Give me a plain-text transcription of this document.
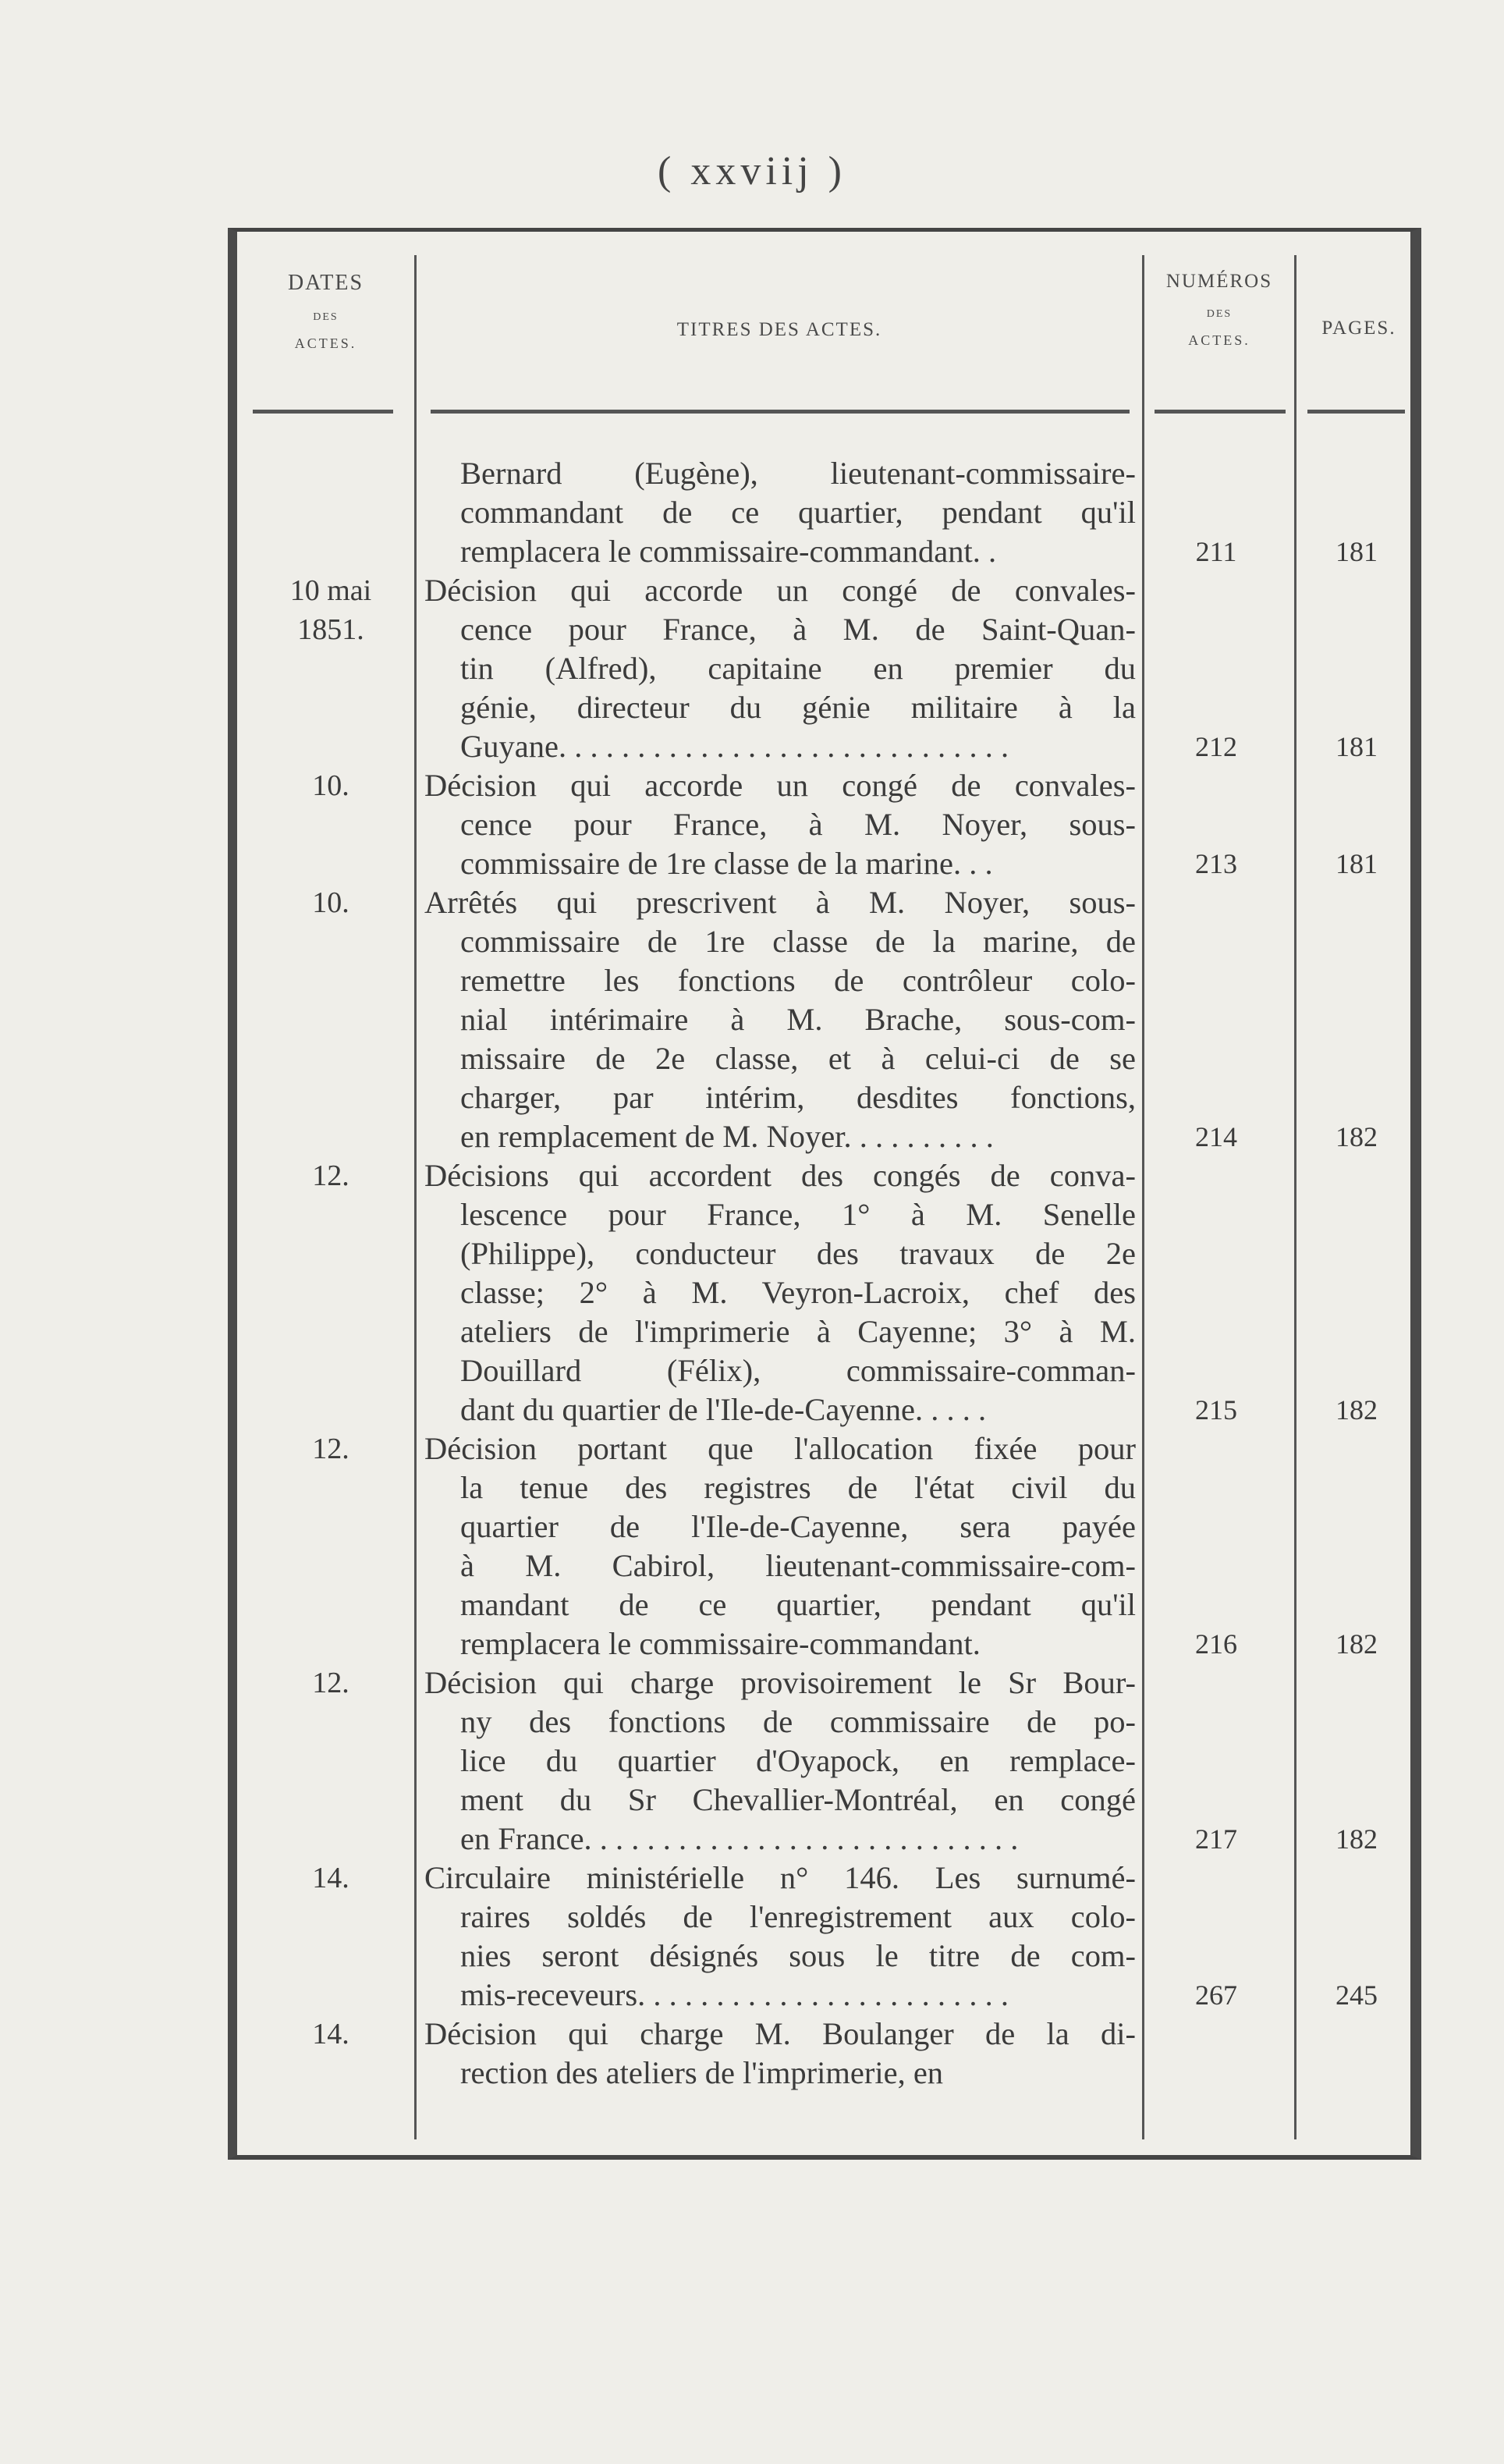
( xxviij )
DATES
des
ACTES.
TITRES DES ACTES.
NUMÉROS
des
ACTES.
PAGES.
10 mai
1851.
10.
10.
12.
12.
12.
14.
14.
Bernard (Eugène), lieutenant-commissaire-
commandant de ce quartier, pendant qu'il
remplacera le commissaire-commandant. .
Décision qui accorde un congé de convales-
cence pour France, à M. de Saint-Quan-
tin (Alfred), capitaine en premier du
génie, directeur du génie militaire à la
Guyane. . . . . . . . . . . . . . . . . . . . . . . . . . . . .
Décision qui accorde un congé de convales-
cence pour France, à M. Noyer, sous-
commissaire de 1re classe de la marine. . .
Arrêtés qui prescrivent à M. Noyer, sous-
commissaire de 1re classe de la marine, de
remettre les fonctions de contrôleur colo-
nial intérimaire à M. Brache, sous-com-
missaire de 2e classe, et à celui-ci de se
charger, par intérim, desdites fonctions,
en remplacement de M. Noyer. . . . . . . . . .
Décisions qui accordent des congés de conva-
lescence pour France, 1° à M. Senelle
(Philippe), conducteur des travaux de 2e
classe; 2° à M. Veyron-Lacroix, chef des
ateliers de l'imprimerie à Cayenne; 3° à M.
Douillard (Félix), commissaire-comman-
dant du quartier de l'Ile-de-Cayenne. . . . .
Décision portant que l'allocation fixée pour
la tenue des registres de l'état civil du
quartier de l'Ile-de-Cayenne, sera payée
à M. Cabirol, lieutenant-commissaire-com-
mandant de ce quartier, pendant qu'il
remplacera le commissaire-commandant.
Décision qui charge provisoirement le Sr Bour-
ny des fonctions de commissaire de po-
lice du quartier d'Oyapock, en remplace-
ment du Sr Chevallier-Montréal, en congé
en France. . . . . . . . . . . . . . . . . . . . . . . . . . . .
Circulaire ministérielle n° 146. Les surnumé-
raires soldés de l'enregistrement aux colo-
nies seront désignés sous le titre de com-
mis-receveurs. . . . . . . . . . . . . . . . . . . . . . . .
Décision qui charge M. Boulanger de la di-
rection des ateliers de l'imprimerie, en
211
212
213
214
215
216
217
267
181
181
181
182
182
182
182
245
